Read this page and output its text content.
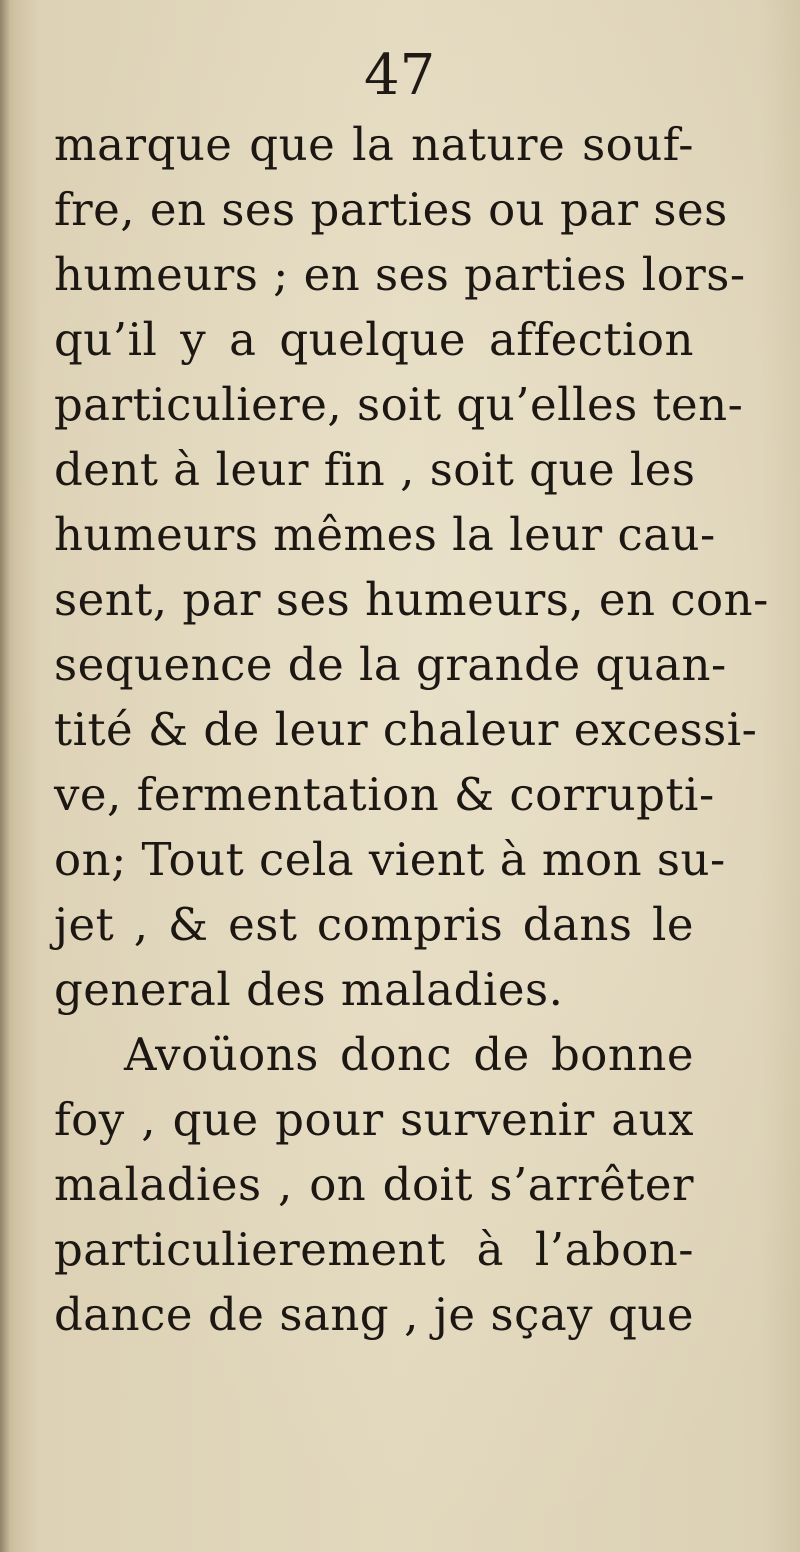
47
marque que la nature souf-
fre, en ses parties ou par ses
humeurs ; en ses parties lors-
qu’il y a quelque affection
particuliere, soit qu’elles ten-
dent à leur fin , soit que les
humeurs mêmes la leur cau-
sent, par ses humeurs, en con-
sequence de la grande quan-
tité & de leur chaleur excessi-
ve, fermentation & corrupti-
on; Tout cela vient à mon su-
jet , & est compris dans le
general des maladies.
Avoüons donc de bonne
foy , que pour survenir aux
maladies , on doit s’arrêter
particulierement à l’abon-
dance de sang , je sçay que
